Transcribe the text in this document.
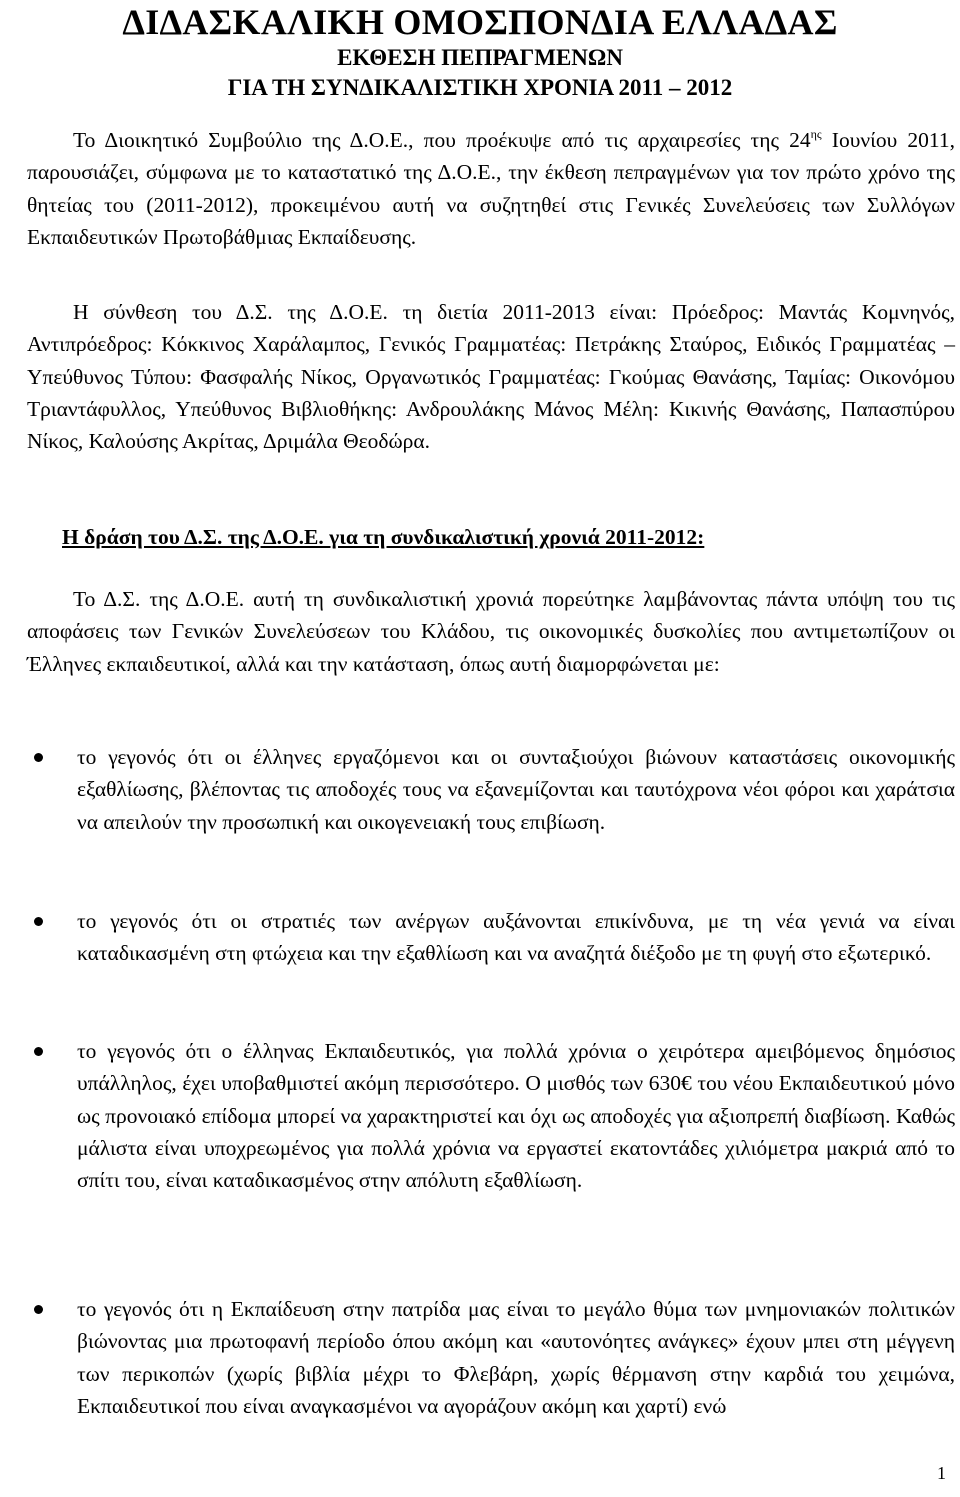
ΔΙΔΑΣΚΑΛΙΚΗ ΟΜΟΣΠΟΝΔΙΑ ΕΛΛΑΔΑΣ
ΕΚΘΕΣΗ ΠΕΠΡΑΓΜΕΝΩΝ
ΓΙΑ ΤΗ ΣΥΝΔΙΚΑΛΙΣΤΙΚΗ ΧΡΟΝΙΑ 2011 – 2012
Το Διοικητικό Συμβούλιο της Δ.Ο.Ε., που προέκυψε από τις αρχαιρεσίες της $24^{\eta\varsigma}$ Ιουνίου 2011, παρουσιάζει, σύμφωνα με το καταστατικό της Δ.Ο.Ε., την έκθεση πεπραγμένων για τον πρώτο χρόνο της θητείας του (2011-2012), προκειμένου αυτή να συζητηθεί στις Γενικές Συνελεύσεις των Συλλόγων Εκπαιδευτικών Πρωτοβάθμιας Εκπαίδευσης.
Η σύνθεση του Δ.Σ. της Δ.Ο.Ε. τη διετία 2011-2013 είναι: Πρόεδρος: Μαντάς Κομνηνός, Αντιπρόεδρος: Κόκκινος Χαράλαμπος, Γενικός Γραμματέας: Πετράκης Σταύρος, Ειδικός Γραμματέας – Υπεύθυνος Τύπου: Φασφαλής Νίκος, Οργανωτικός Γραμματέας: Γκούμας Θανάσης, Ταμίας: Οικονόμου Τριαντάφυλλος, Υπεύθυνος Βιβλιοθήκης: Ανδρουλάκης Μάνος Μέλη: Κικινής Θανάσης, Παπασπύρου Νίκος, Καλούσης Ακρίτας, Δριμάλα Θεοδώρα.
Η δράση του Δ.Σ. της Δ.Ο.Ε. για τη συνδικαλιστική χρονιά 2011-2012:
Το Δ.Σ. της Δ.Ο.Ε. αυτή τη συνδικαλιστική χρονιά πορεύτηκε λαμβάνοντας πάντα υπόψη του τις αποφάσεις των Γενικών Συνελεύσεων του Κλάδου, τις οικονομικές δυσκολίες που αντιμετωπίζουν οι Έλληνες εκπαιδευτικοί, αλλά και την κατάσταση, όπως αυτή διαμορφώνεται με:
το γεγονός ότι οι έλληνες εργαζόμενοι και οι συνταξιούχοι βιώνουν καταστάσεις οικονομικής εξαθλίωσης, βλέποντας τις αποδοχές τους να εξανεμίζονται και ταυτόχρονα νέοι φόροι και χαράτσια να απειλούν την προσωπική και οικογενειακή τους επιβίωση.
το γεγονός ότι οι στρατιές των ανέργων αυξάνονται επικίνδυνα, με τη νέα γενιά να είναι καταδικασμένη στη φτώχεια και την εξαθλίωση και να αναζητά διέξοδο με τη φυγή στο εξωτερικό.
το γεγονός ότι ο έλληνας Εκπαιδευτικός, για πολλά χρόνια ο χειρότερα αμειβόμενος δημόσιος υπάλληλος, έχει υποβαθμιστεί ακόμη περισσότερο. Ο μισθός των 630€ του νέου Εκπαιδευτικού μόνο ως προνοιακό επίδομα μπορεί να χαρακτηριστεί και όχι ως αποδοχές για αξιοπρεπή διαβίωση. Καθώς μάλιστα είναι υποχρεωμένος για πολλά χρόνια να εργαστεί εκατοντάδες χιλιόμετρα μακριά από το σπίτι του, είναι καταδικασμένος στην απόλυτη εξαθλίωση.
το γεγονός ότι η Εκπαίδευση στην πατρίδα μας είναι το μεγάλο θύμα των μνημονιακών πολιτικών βιώνοντας μια πρωτοφανή περίοδο όπου ακόμη και «αυτονόητες ανάγκες» έχουν μπει στη μέγγενη των περικοπών (χωρίς βιβλία μέχρι το Φλεβάρη, χωρίς θέρμανση στην καρδιά του χειμώνα, Εκπαιδευτικοί που είναι αναγκασμένοι να αγοράζουν ακόμη και χαρτί) ενώ
1
